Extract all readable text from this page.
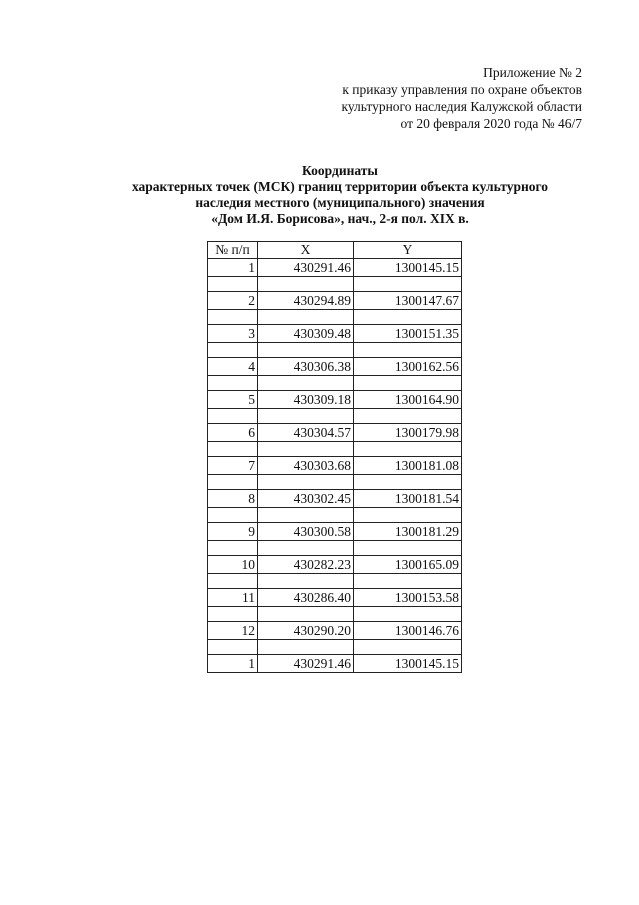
Приложение № 2
к приказу управления по охране объектов
культурного наследия Калужской области
от 20 февраля 2020 года № 46/7
Координаты
характерных точек (МСК) границ территории объекта культурного
наследия местного (муниципального) значения
«Дом И.Я. Борисова», нач., 2-я пол. XIX в.
№ п/п	X	Y
1	430291.46	1300145.15

2	430294.89	1300147.67

3	430309.48	1300151.35

4	430306.38	1300162.56

5	430309.18	1300164.90

6	430304.57	1300179.98

7	430303.68	1300181.08

8	430302.45	1300181.54

9	430300.58	1300181.29

10	430282.23	1300165.09

11	430286.40	1300153.58

12	430290.20	1300146.76

1	430291.46	1300145.15
